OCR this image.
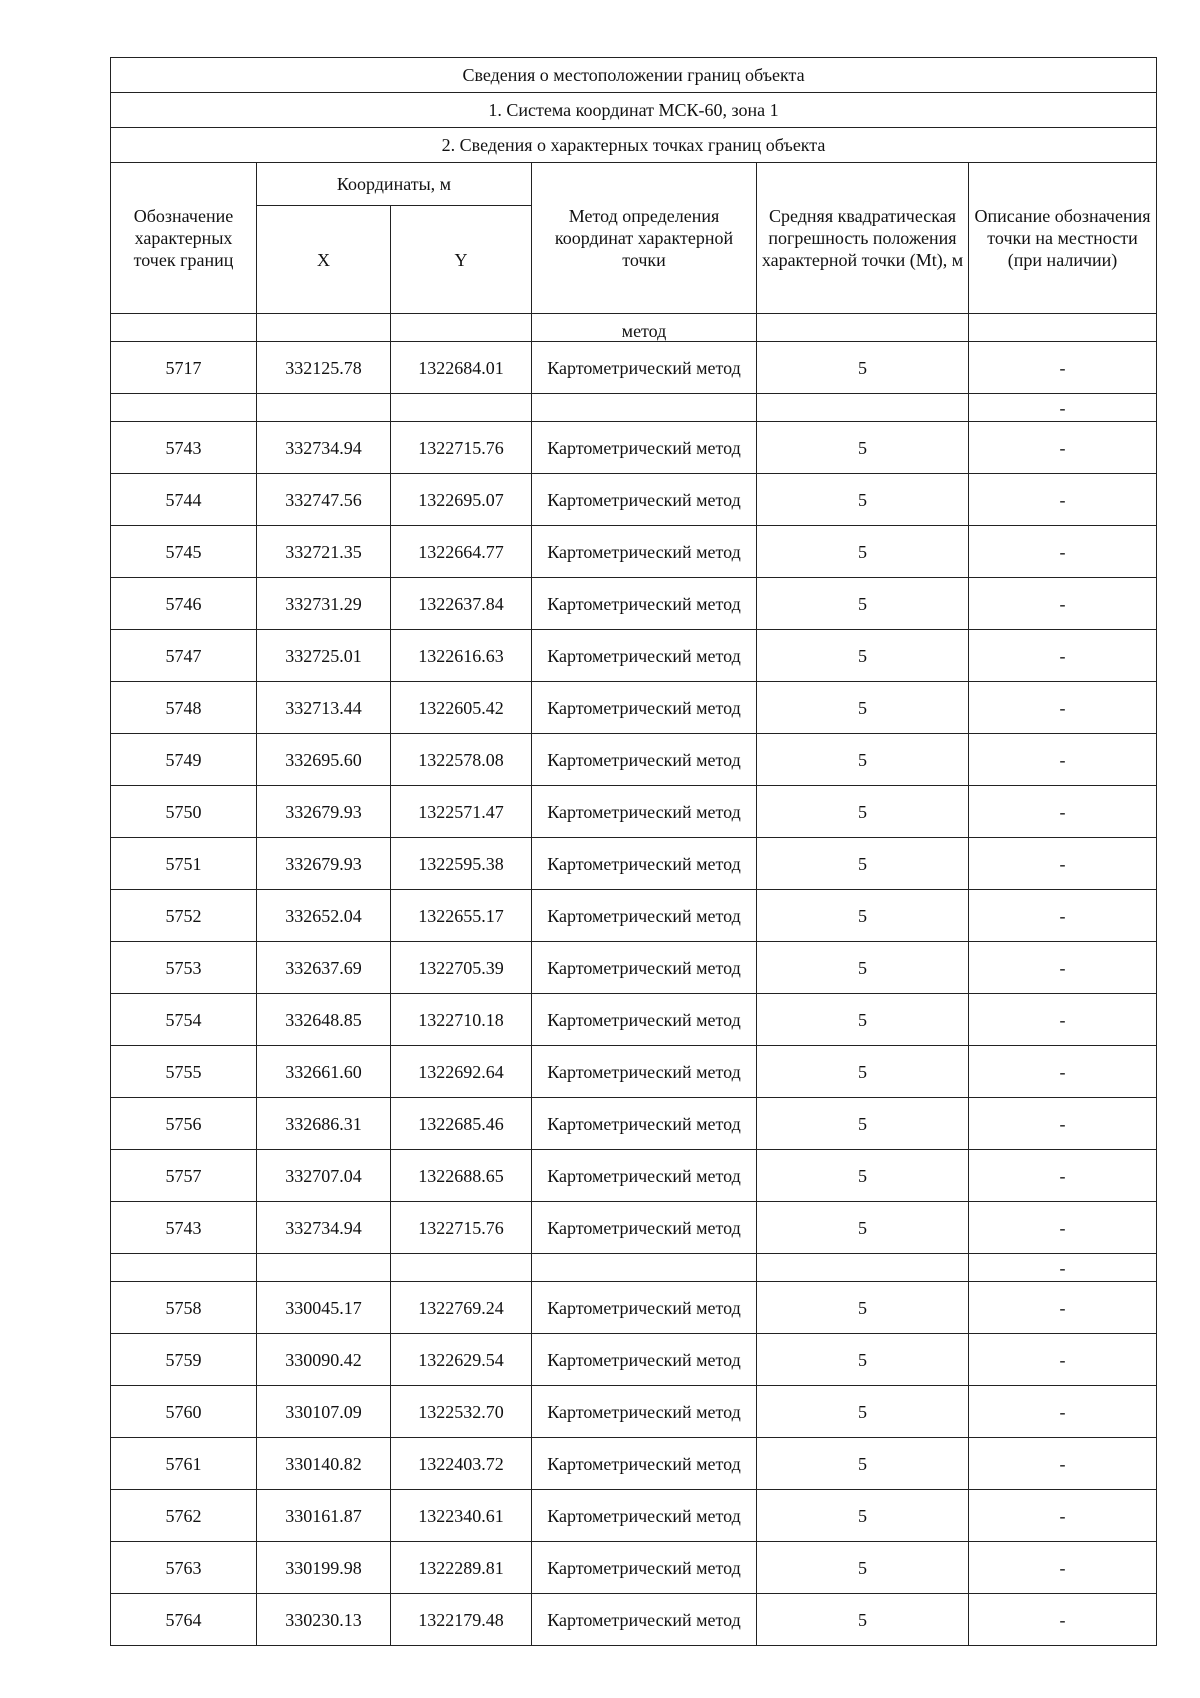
Сведения о местоположении границ объекта					
1. Система координат МСК-60, зона 1					
2. Сведения о характерных точках границ объекта					
Обозначение характерных точек границ	Координаты, м		Метод определения координат характерной точки	Средняя квадратическая погрешность положения характерной точки (Mt), м	Описание обозначения точки на местности (при наличии)
	X	Y			
			метод		
5717	332125.78	1322684.01	Картометрический метод	5	-
					-
5743	332734.94	1322715.76	Картометрический метод	5	-
5744	332747.56	1322695.07	Картометрический метод	5	-
5745	332721.35	1322664.77	Картометрический метод	5	-
5746	332731.29	1322637.84	Картометрический метод	5	-
5747	332725.01	1322616.63	Картометрический метод	5	-
5748	332713.44	1322605.42	Картометрический метод	5	-
5749	332695.60	1322578.08	Картометрический метод	5	-
5750	332679.93	1322571.47	Картометрический метод	5	-
5751	332679.93	1322595.38	Картометрический метод	5	-
5752	332652.04	1322655.17	Картометрический метод	5	-
5753	332637.69	1322705.39	Картометрический метод	5	-
5754	332648.85	1322710.18	Картометрический метод	5	-
5755	332661.60	1322692.64	Картометрический метод	5	-
5756	332686.31	1322685.46	Картометрический метод	5	-
5757	332707.04	1322688.65	Картометрический метод	5	-
5743	332734.94	1322715.76	Картометрический метод	5	-
					-
5758	330045.17	1322769.24	Картометрический метод	5	-
5759	330090.42	1322629.54	Картометрический метод	5	-
5760	330107.09	1322532.70	Картометрический метод	5	-
5761	330140.82	1322403.72	Картометрический метод	5	-
5762	330161.87	1322340.61	Картометрический метод	5	-
5763	330199.98	1322289.81	Картометрический метод	5	-
5764	330230.13	1322179.48	Картометрический метод	5	-
